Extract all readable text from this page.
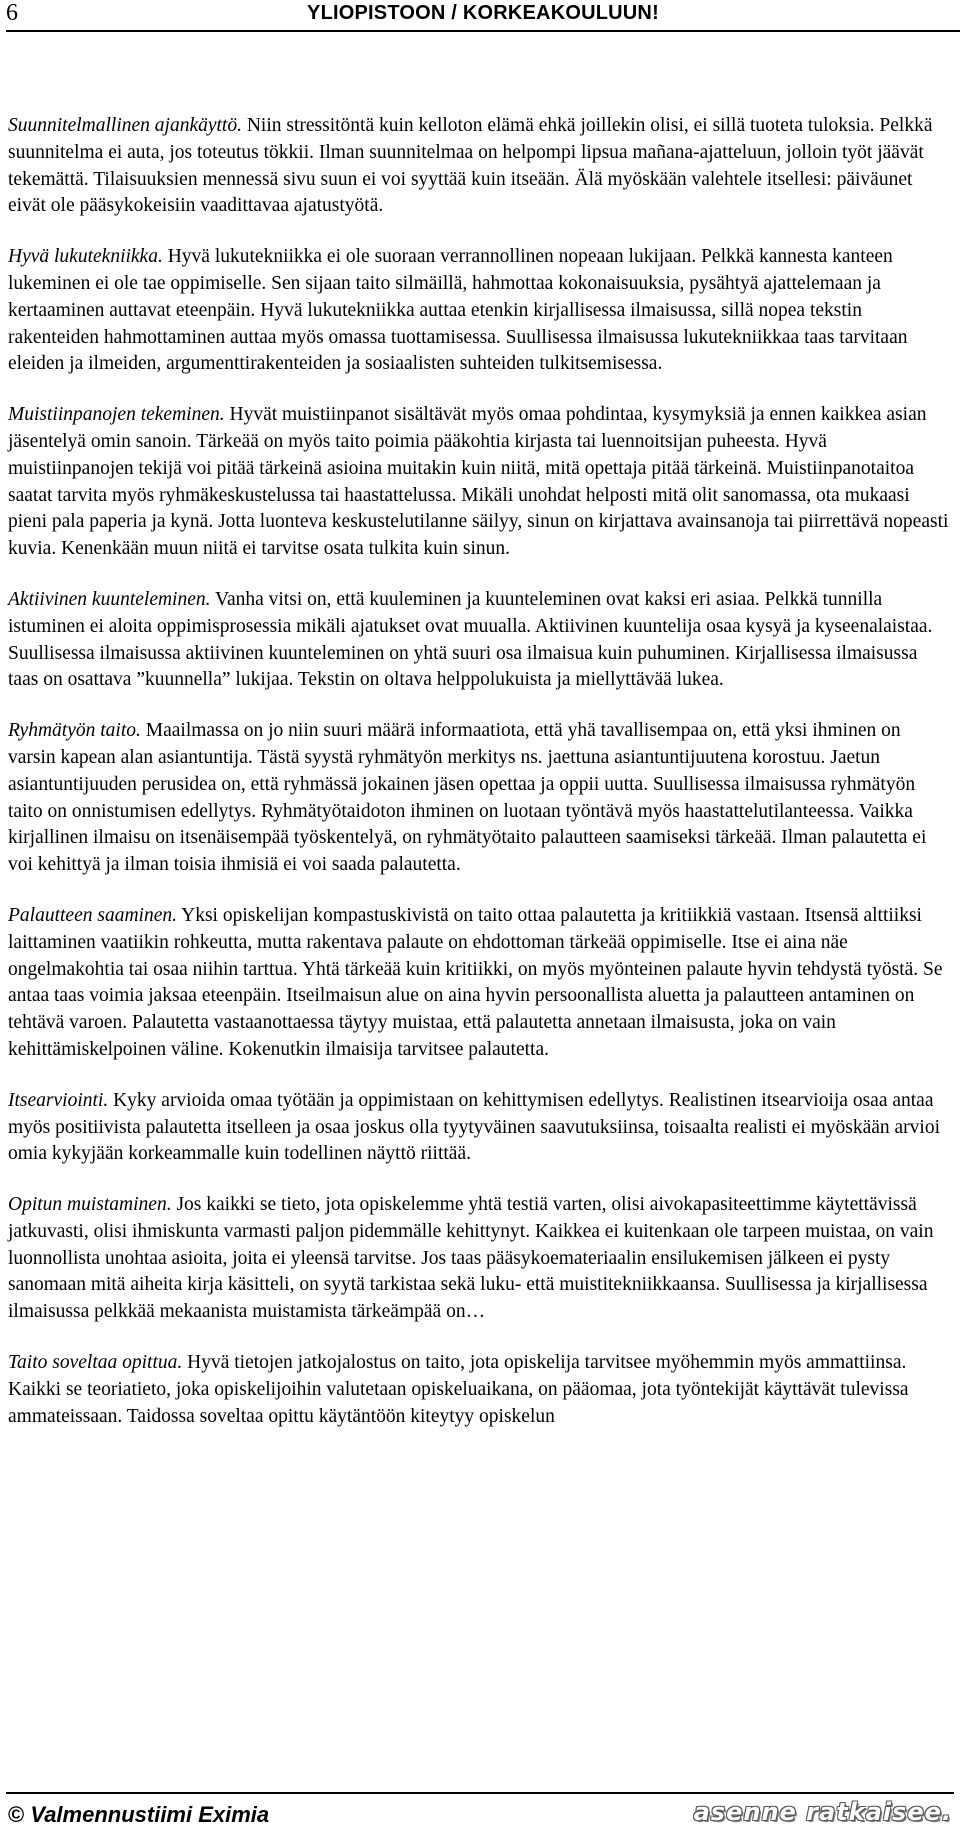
6	YLIOPISTOON / KORKEAKOULUUN!

Suunnitelmallinen ajankäyttö. Niin stressitöntä kuin kelloton elämä ehkä joillekin olisi, ei sillä tuoteta tuloksia. Pelkkä suunnitelma ei auta, jos toteutus tökkii. Ilman suunnitelmaa on helpompi lipsua mañana-ajatteluun, jolloin työt jäävät tekemättä. Tilaisuuksien mennessä sivu suun ei voi syyttää kuin itseään. Älä myöskään valehtele itsellesi: päiväunet eivät ole pääsykokeisiin vaadittavaa ajatustyötä.

Hyvä lukutekniikka. Hyvä lukutekniikka ei ole suoraan verrannollinen nopeaan lukijaan. Pelkkä kannesta kanteen lukeminen ei ole tae oppimiselle. Sen sijaan taito silmäillä, hahmottaa kokonaisuuksia, pysähtyä ajattelemaan ja kertaaminen auttavat eteenpäin. Hyvä lukutekniikka auttaa etenkin kirjallisessa ilmaisussa, sillä nopea tekstin rakenteiden hahmottaminen auttaa myös omassa tuottamisessa. Suullisessa ilmaisussa lukutekniikkaa taas tarvitaan eleiden ja ilmeiden, argumenttirakenteiden ja sosiaalisten suhteiden tulkitsemisessa.

Muistiinpanojen tekeminen. Hyvät muistiinpanot sisältävät myös omaa pohdintaa, kysymyksiä ja ennen kaikkea asian jäsentelyä omin sanoin. Tärkeää on myös taito poimia pääkohtia kirjasta tai luennoitsijan puheesta. Hyvä muistiinpanojen tekijä voi pitää tärkeinä asioina muitakin kuin niitä, mitä opettaja pitää tärkeinä. Muistiinpanotaitoa saatat tarvita myös ryhmäkeskustelussa tai haastattelussa. Mikäli unohdat helposti mitä olit sanomassa, ota mukaasi pieni pala paperia ja kynä. Jotta luonteva keskustelutilanne säilyy, sinun on kirjattava avainsanoja tai piirrettävä nopeasti kuvia. Kenenkään muun niitä ei tarvitse osata tulkita kuin sinun.

Aktiivinen kuunteleminen. Vanha vitsi on, että kuuleminen ja kuunteleminen ovat kaksi eri asiaa. Pelkkä tunnilla istuminen ei aloita oppimisprosessia mikäli ajatukset ovat muualla. Aktiivinen kuuntelija osaa kysyä ja kyseenalaistaa. Suullisessa ilmaisussa aktiivinen kuunteleminen on yhtä suuri osa ilmaisua kuin puhuminen. Kirjallisessa ilmaisussa taas on osattava ”kuunnella” lukijaa. Tekstin on oltava helppolukuista ja miellyttävää lukea.

Ryhmätyön taito. Maailmassa on jo niin suuri määrä informaatiota, että yhä tavallisempaa on, että yksi ihminen on varsin kapean alan asiantuntija. Tästä syystä ryhmätyön merkitys ns. jaettuna asiantuntijuutena korostuu. Jaetun asiantuntijuuden perusidea on, että ryhmässä jokainen jäsen opettaa ja oppii uutta. Suullisessa ilmaisussa ryhmätyön taito on onnistumisen edellytys. Ryhmätyötaidoton ihminen on luotaan työntävä myös haastattelutilanteessa. Vaikka kirjallinen ilmaisu on itsenäisempää työskentelyä, on ryhmätyötaito palautteen saamiseksi tärkeää. Ilman palautetta ei voi kehittyä ja ilman toisia ihmisiä ei voi saada palautetta.

Palautteen saaminen. Yksi opiskelijan kompastuskivistä on taito ottaa palautetta ja kritiikkiä vastaan. Itsensä alttiiksi laittaminen vaatiikin rohkeutta, mutta rakentava palaute on ehdottoman tärkeää oppimiselle. Itse ei aina näe ongelmakohtia tai osaa niihin tarttua. Yhtä tärkeää kuin kritiikki, on myös myönteinen palaute hyvin tehdystä työstä. Se antaa taas voimia jaksaa eteenpäin. Itseilmaisun alue on aina hyvin persoonallista aluetta ja palautteen antaminen on tehtävä varoen. Palautetta vastaanottaessa täytyy muistaa, että palautetta annetaan ilmaisusta, joka on vain kehittämiskelpoinen väline. Kokenutkin ilmaisija tarvitsee palautetta.

Itsearviointi. Kyky arvioida omaa työtään ja oppimistaan on kehittymisen edellytys. Realistinen itsearvioija osaa antaa myös positiivista palautetta itselleen ja osaa joskus olla tyytyväinen saavutuksiinsa, toisaalta realisti ei myöskään arvioi omia kykyjään korkeammalle kuin todellinen näyttö riittää.

Opitun muistaminen. Jos kaikki se tieto, jota opiskelemme yhtä testiä varten, olisi aivokapasiteettimme käytettävissä jatkuvasti, olisi ihmiskunta varmasti paljon pidemmälle kehittynyt. Kaikkea ei kuitenkaan ole tarpeen muistaa, on vain luonnollista unohtaa asioita, joita ei yleensä tarvitse. Jos taas pääsykoemateriaalin ensilukemisen jälkeen ei pysty sanomaan mitä aiheita kirja käsitteli, on syytä tarkistaa sekä luku- että muistitekniikkaansa. Suullisessa ja kirjallisessa ilmaisussa pelkkää mekaanista muistamista tärkeämpää on…

Taito soveltaa opittua. Hyvä tietojen jatkojalostus on taito, jota opiskelija tarvitsee myöhemmin myös ammattiinsa. Kaikki se teoriatieto, joka opiskelijoihin valutetaan opiskeluaikana, on pääomaa, jota työntekijät käyttävät tulevissa ammateissaan. Taidossa soveltaa opittu käytäntöön kiteytyy opiskelun

© Valmennustiimi Eximia	asenne ratkaisee.
